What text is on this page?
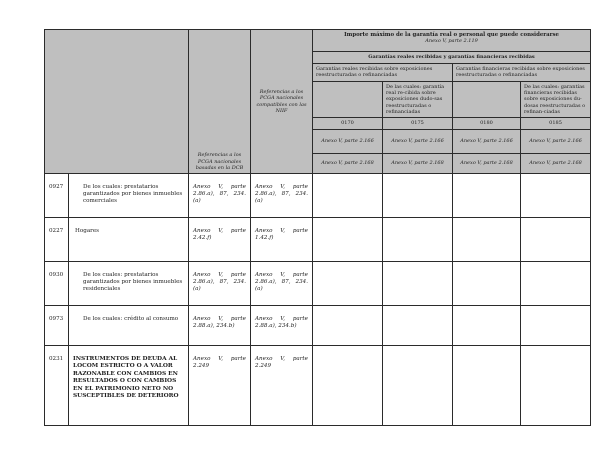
		Referencias a los PCGA nacionales basadas en la DCB	Referencias a los PCGA nacionales compatibles con las NIIF	Importe máximo de la garantía real o personal que puede considerarse
Anexo V, parte 2.119			

				Garantías reales recibidas y garantías financieras recibidas			
				Garantías reales recibidas sobre exposiciones reestructuradas o refinanciadas		Garantías financieras recibidas sobre exposiciones reestructuradas o refinanciadas	
					De las cuales: garantía real re-cibida sobre exposiciones dudo-sas reestructuradas o refinanciadas		De las cuales: garantías financieras recibidas sobre exposiciones du-dosas reestructuradas o refinan-ciadas
				0170	0175	0180	0185
				Anexo V, parte 2.166	Anexo V, parte 2.166	Anexo V, parte 2.166	Anexo V, parte 2.166
				Anexo V, parte 2.168	Anexo V, parte 2.168	Anexo V, parte 2.168	Anexo V, parte 2.168
0927	De los cuales: prestatarios garantizados por bienes inmuebles comerciales	Anexo V, parte 2.86.a), 87, 234.(a)	Anexo V, parte 2.86.a), 87, 234.(a)				
0227	Hogares	Anexo V, parte 2.42.f)	Anexo V, parte 1.42.f)				
0930	De los cuales: prestatarios garantizados por bienes inmuebles residenciales	Anexo V, parte 2.86.a), 87, 234.(a)	Anexo V, parte 2.86.a), 87, 234.(a)				
0973	De los cuales: crédito al consumo	Anexo V, parte 2.88.a), 234.b)	Anexo V, parte 2.88.a), 234.b)				
0231	INSTRUMENTOS DE DEUDA AL LOCOM ESTRICTO O A VALOR RAZONABLE CON CAMBIOS EN RESULTADOS O CON CAMBIOS EN EL PATRIMONIO NETO NO SUSCEPTIBLES DE DETERIORO	Anexo V, parte 2.249	Anexo V, parte 2.249				
